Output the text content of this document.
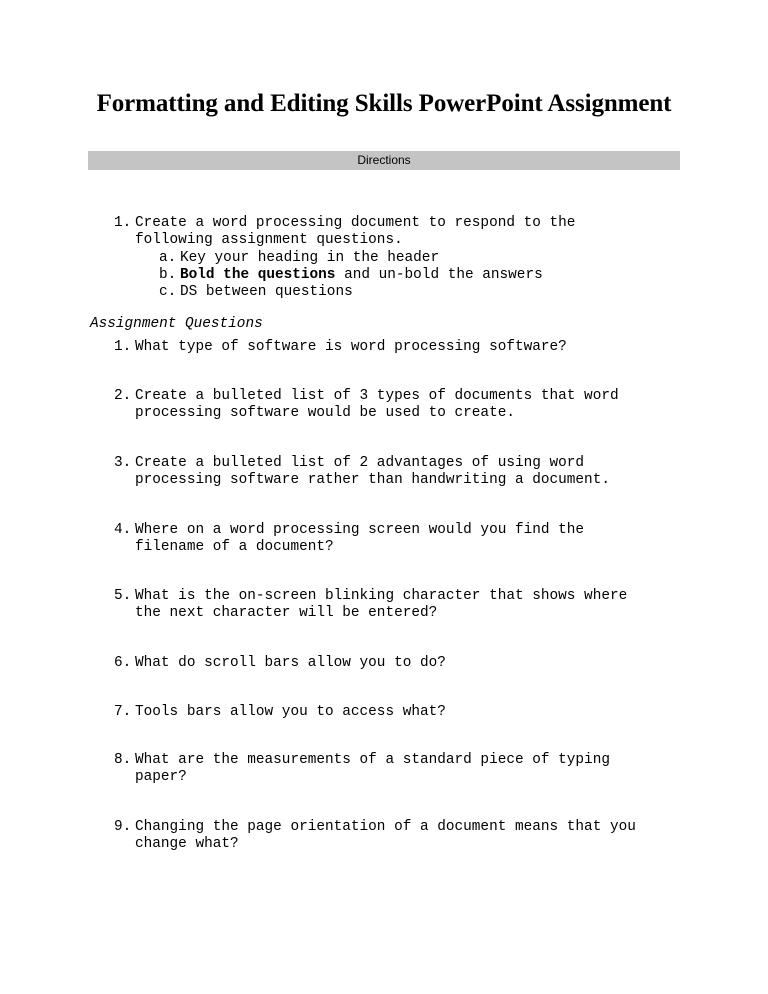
Formatting and Editing Skills PowerPoint Assignment
Directions

1.

Create a word processing document to respond to the

following assignment questions.

a.

Key your heading in the header

b.

Bold the questions and un-bold the answers

c.

DS between questions

Assignment Questions

1.

What type of software is word processing software?

2.

Create a bulleted list of 3 types of documents that word

processing software would be used to create.

3.

Create a bulleted list of 2 advantages of using word

processing software rather than handwriting a document.

4.

Where on a word processing screen would you find the

filename of a document?

5.

What is the on-screen blinking character that shows where

the next character will be entered?

6.

What do scroll bars allow you to do?

7.

Tools bars allow you to access what?

8.

What are the measurements of a standard piece of typing

paper?

9.

Changing the page orientation of a document means that you

change what?
